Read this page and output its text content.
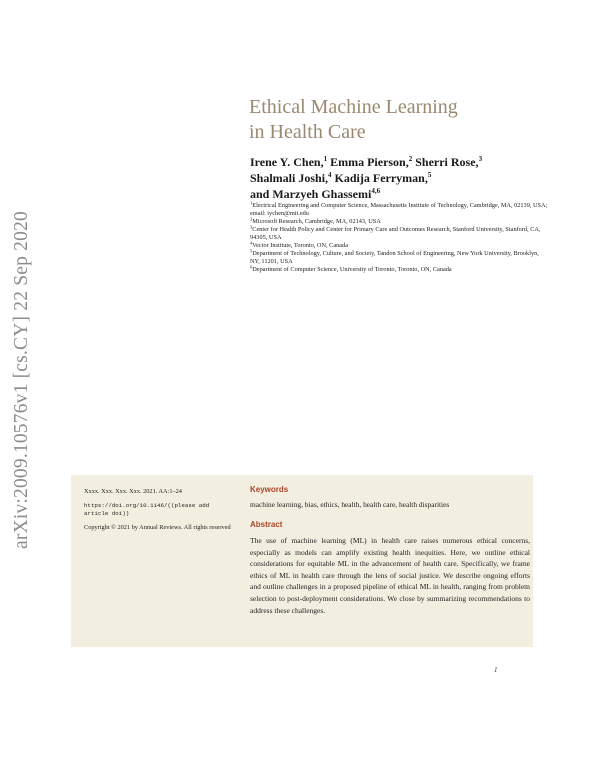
arXiv:2009.10576v1 [cs.CY] 22 Sep 2020
Ethical Machine Learning
in Health Care
Irene Y. Chen,$^1$ Emma Pierson,$^2$ Sherri Rose,$^3$
Shalmali Joshi,$^4$ Kadija Ferryman,$^5$
and Marzyeh Ghassemi$^{4,6}$

$^1$Electrical Engineering and Computer Science, Massachusetts Institute of Technology, Cambridge, MA, 02139, USA; email: iychen@mit.edu

$^2$Microsoft Research, Cambridge, MA, 02143, USA

$^3$Center for Health Policy and Center for Primary Care and Outcomes Research, Stanford University, Stanford, CA, 94305, USA

$^4$Vector Institute, Toronto, ON, Canada

$^5$Department of Technology, Culture, and Society, Tandon School of Engineering, New York University, Brooklyn, NY, 11201, USA

$^6$Department of Computer Science, University of Toronto, Toronto, ON, Canada

Xxxx. Xxx. Xxx. Xxx. 2021. AA:1–24

https://doi.org/10.1146/((please add article doi))

Copyright © 2021 by Annual Reviews. All rights reserved

Keywords

machine learning, bias, ethics, health, health care, health disparities

Abstract

The use of machine learning (ML) in health care raises numerous ethical concerns, especially as models can amplify existing health inequities. Here, we outline ethical considerations for equitable ML in the advancement of health care. Specifically, we frame ethics of ML in health care through the lens of social justice. We describe ongoing efforts and outline challenges in a proposed pipeline of ethical ML in health, ranging from problem selection to post-deployment considerations. We close by summarizing recommendations to address these challenges.

1
